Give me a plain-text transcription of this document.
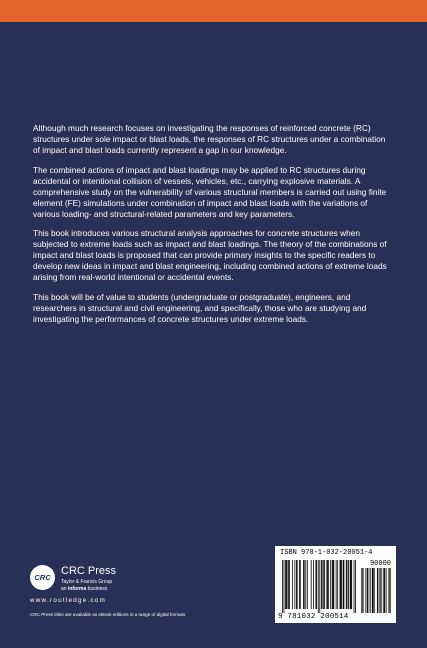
Although much research focuses on investigating the responses of reinforced concrete (RC) structures under sole impact or blast loads, the responses of RC structures under a combination of impact and blast loads currently represent a gap in our knowledge.

The combined actions of impact and blast loadings may be applied to RC structures during accidental or intentional collision of vessels, vehicles, etc., carrying explosive materials. A comprehensive study on the vulnerability of various structural members is carried out using finite element (FE) simulations under combination of impact and blast loads with the variations of various loading- and structural-related parameters and key parameters.

This book introduces various structural analysis approaches for concrete structures when subjected to extreme loads such as impact and blast loadings. The theory of the combinations of impact and blast loads is proposed that can provide primary insights to the specific readers to develop new ideas in impact and blast engineering, including combined actions of extreme loads arising from real-world intentional or accidental events.

This book will be of value to students (undergraduate or postgraduate), engineers, and researchers in structural and civil engineering, and specifically, those who are studying and investigating the performances of concrete structures under extreme loads.

CRC
CRC Press
Taylor & Francis Group
an informa business
www.routledge.com
CRC Press titles are available as eBook editions in a range of digital formats
ISBN 978-1-032-20051-4
90000
9 781032 200514
